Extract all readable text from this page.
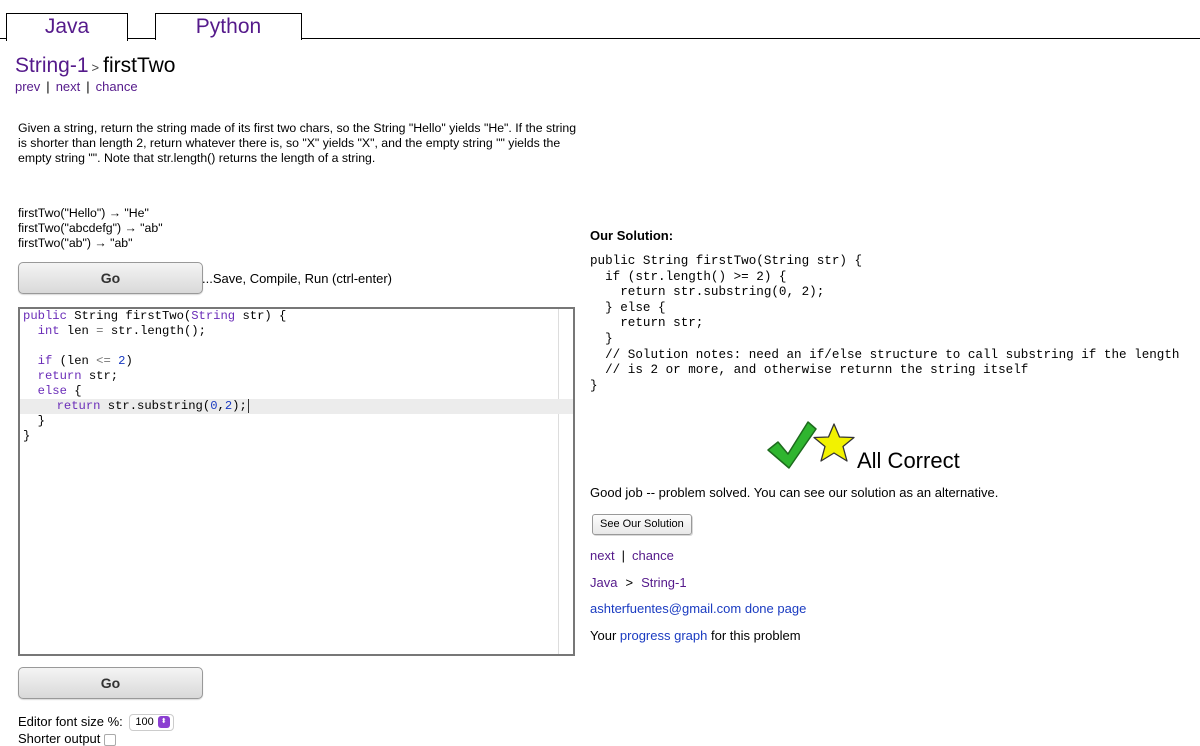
Java	Python
String-1 > firstTwo
prev | next | chance
Given a string, return the string made of its first two chars, so the String "Hello" yields "He". If the string is shorter than length 2, return whatever there is, so "X" yields "X", and the empty string "" yields the empty string "". Note that str.length() returns the length of a string.
firstTwo("Hello") → "He"
firstTwo("abcdefg") → "ab"
firstTwo("ab") → "ab"
Go	...Save, Compile, Run (ctrl-enter)
public String firstTwo(String str) {
int len = str.length();
if (len <= 2)
return str;
else {
return str.substring(0,2);
}
}
Go
Editor font size %: 100 ⬍
Shorter output
Our Solution:
public String firstTwo(String str) {
if (str.length() >= 2) {
return str.substring(0, 2);
} else {
return str;
}
// Solution notes: need an if/else structure to call substring if the length
// is 2 or more, and otherwise returnn the string itself
}
All Correct
Good job -- problem solved. You can see our solution as an alternative.
See Our Solution
next | chance
Java > String-1
ashterfuentes@gmail.com done page
Your progress graph for this problem
